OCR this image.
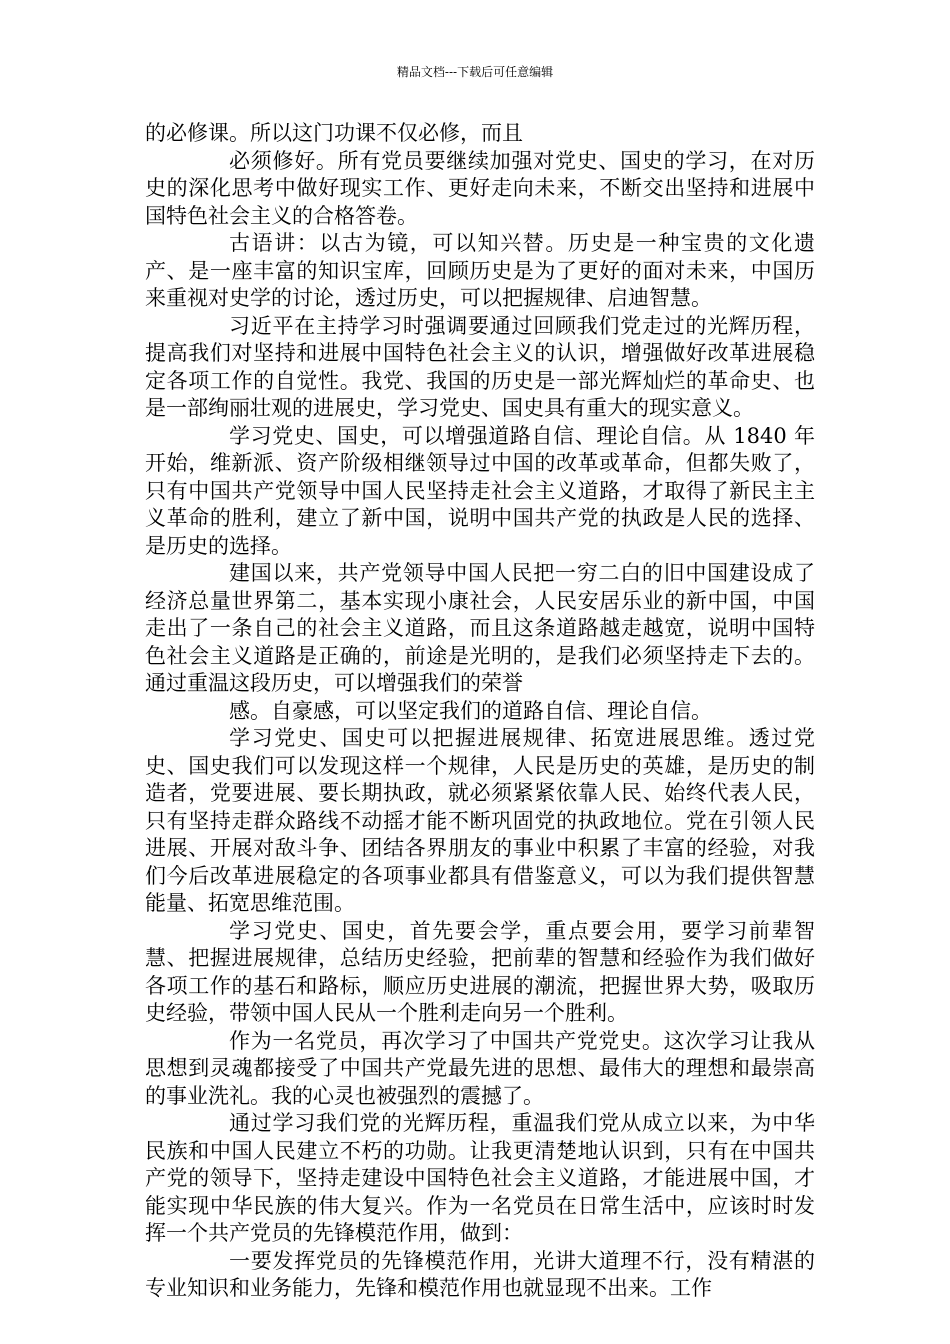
精品文档---下载后可任意编辑

的必修课。所以这门功课不仅必修，而且

必须修好。所有党员要继续加强对党史、国史的学习，在对历史的深化思考中做好现实工作、更好走向未来，不断交出坚持和进展中国特色社会主义的合格答卷。

古语讲：以古为镜，可以知兴替。历史是一种宝贵的文化遗产、是一座丰富的知识宝库，回顾历史是为了更好的面对未来，中国历来重视对史学的讨论，透过历史，可以把握规律、启迪智慧。

习近平在主持学习时强调要通过回顾我们党走过的光辉历程，提高我们对坚持和进展中国特色社会主义的认识，增强做好改革进展稳定各项工作的自觉性。我党、我国的历史是一部光辉灿烂的革命史、也是一部绚丽壮观的进展史，学习党史、国史具有重大的现实意义。

学习党史、国史，可以增强道路自信、理论自信。从 1840 年开始，维新派、资产阶级相继领导过中国的改革或革命，但都失败了，只有中国共产党领导中国人民坚持走社会主义道路，才取得了新民主主义革命的胜利，建立了新中国，说明中国共产党的执政是人民的选择、是历史的选择。

建国以来，共产党领导中国人民把一穷二白的旧中国建设成了经济总量世界第二，基本实现小康社会，人民安居乐业的新中国，中国走出了一条自己的社会主义道路，而且这条道路越走越宽，说明中国特色社会主义道路是正确的，前途是光明的，是我们必须坚持走下去的。通过重温这段历史，可以增强我们的荣誉

感。自豪感，可以坚定我们的道路自信、理论自信。

学习党史、国史可以把握进展规律、拓宽进展思维。透过党史、国史我们可以发现这样一个规律，人民是历史的英雄，是历史的制造者，党要进展、要长期执政，就必须紧紧依靠人民、始终代表人民，只有坚持走群众路线不动摇才能不断巩固党的执政地位。党在引领人民进展、开展对敌斗争、团结各界朋友的事业中积累了丰富的经验，对我们今后改革进展稳定的各项事业都具有借鉴意义，可以为我们提供智慧能量、拓宽思维范围。

学习党史、国史，首先要会学，重点要会用，要学习前辈智慧、把握进展规律，总结历史经验，把前辈的智慧和经验作为我们做好各项工作的基石和路标，顺应历史进展的潮流，把握世界大势，吸取历史经验，带领中国人民从一个胜利走向另一个胜利。

作为一名党员，再次学习了中国共产党党史。这次学习让我从思想到灵魂都接受了中国共产党最先进的思想、最伟大的理想和最崇高的事业洗礼。我的心灵也被强烈的震撼了。

通过学习我们党的光辉历程，重温我们党从成立以来，为中华民族和中国人民建立不朽的功勋。让我更清楚地认识到，只有在中国共产党的领导下，坚持走建设中国特色社会主义道路，才能进展中国，才能实现中华民族的伟大复兴。作为一名党员在日常生活中，应该时时发挥一个共产党员的先锋模范作用，做到：

一要发挥党员的先锋模范作用，光讲大道理不行，没有精湛的专业知识和业务能力，先锋和模范作用也就显现不出来。工作
